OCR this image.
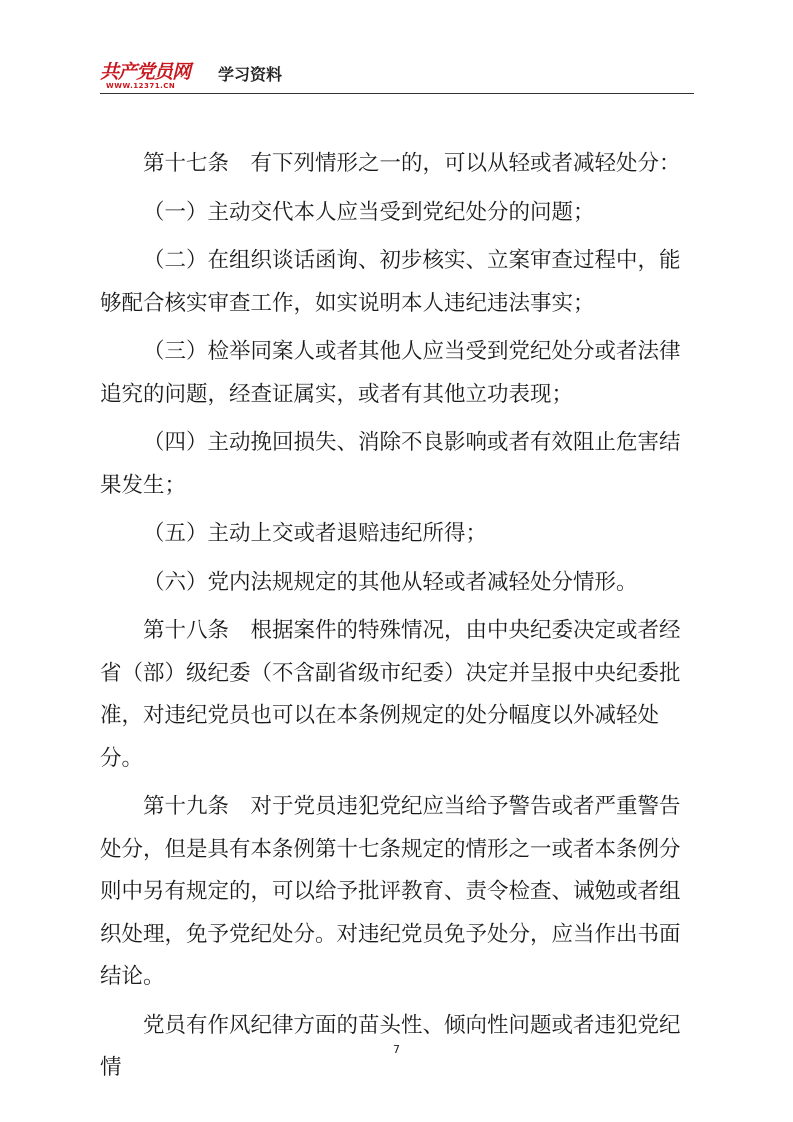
共产党员网
WWW.12371.CN
学习资料

第十七条　有下列情形之一的，可以从轻或者减轻处分：

（一）主动交代本人应当受到党纪处分的问题；

（二）在组织谈话函询、初步核实、立案审查过程中，能够配合核实审查工作，如实说明本人违纪违法事实；

（三）检举同案人或者其他人应当受到党纪处分或者法律追究的问题，经查证属实，或者有其他立功表现；

（四）主动挽回损失、消除不良影响或者有效阻止危害结果发生；

（五）主动上交或者退赔违纪所得；

（六）党内法规规定的其他从轻或者减轻处分情形。

第十八条　根据案件的特殊情况，由中央纪委决定或者经省（部）级纪委（不含副省级市纪委）决定并呈报中央纪委批准，对违纪党员也可以在本条例规定的处分幅度以外减轻处分。

第十九条　对于党员违犯党纪应当给予警告或者严重警告处分，但是具有本条例第十七条规定的情形之一或者本条例分则中另有规定的，可以给予批评教育、责令检查、诫勉或者组织处理，免予党纪处分。对违纪党员免予处分，应当作出书面结论。

党员有作风纪律方面的苗头性、倾向性问题或者违犯党纪情

7
